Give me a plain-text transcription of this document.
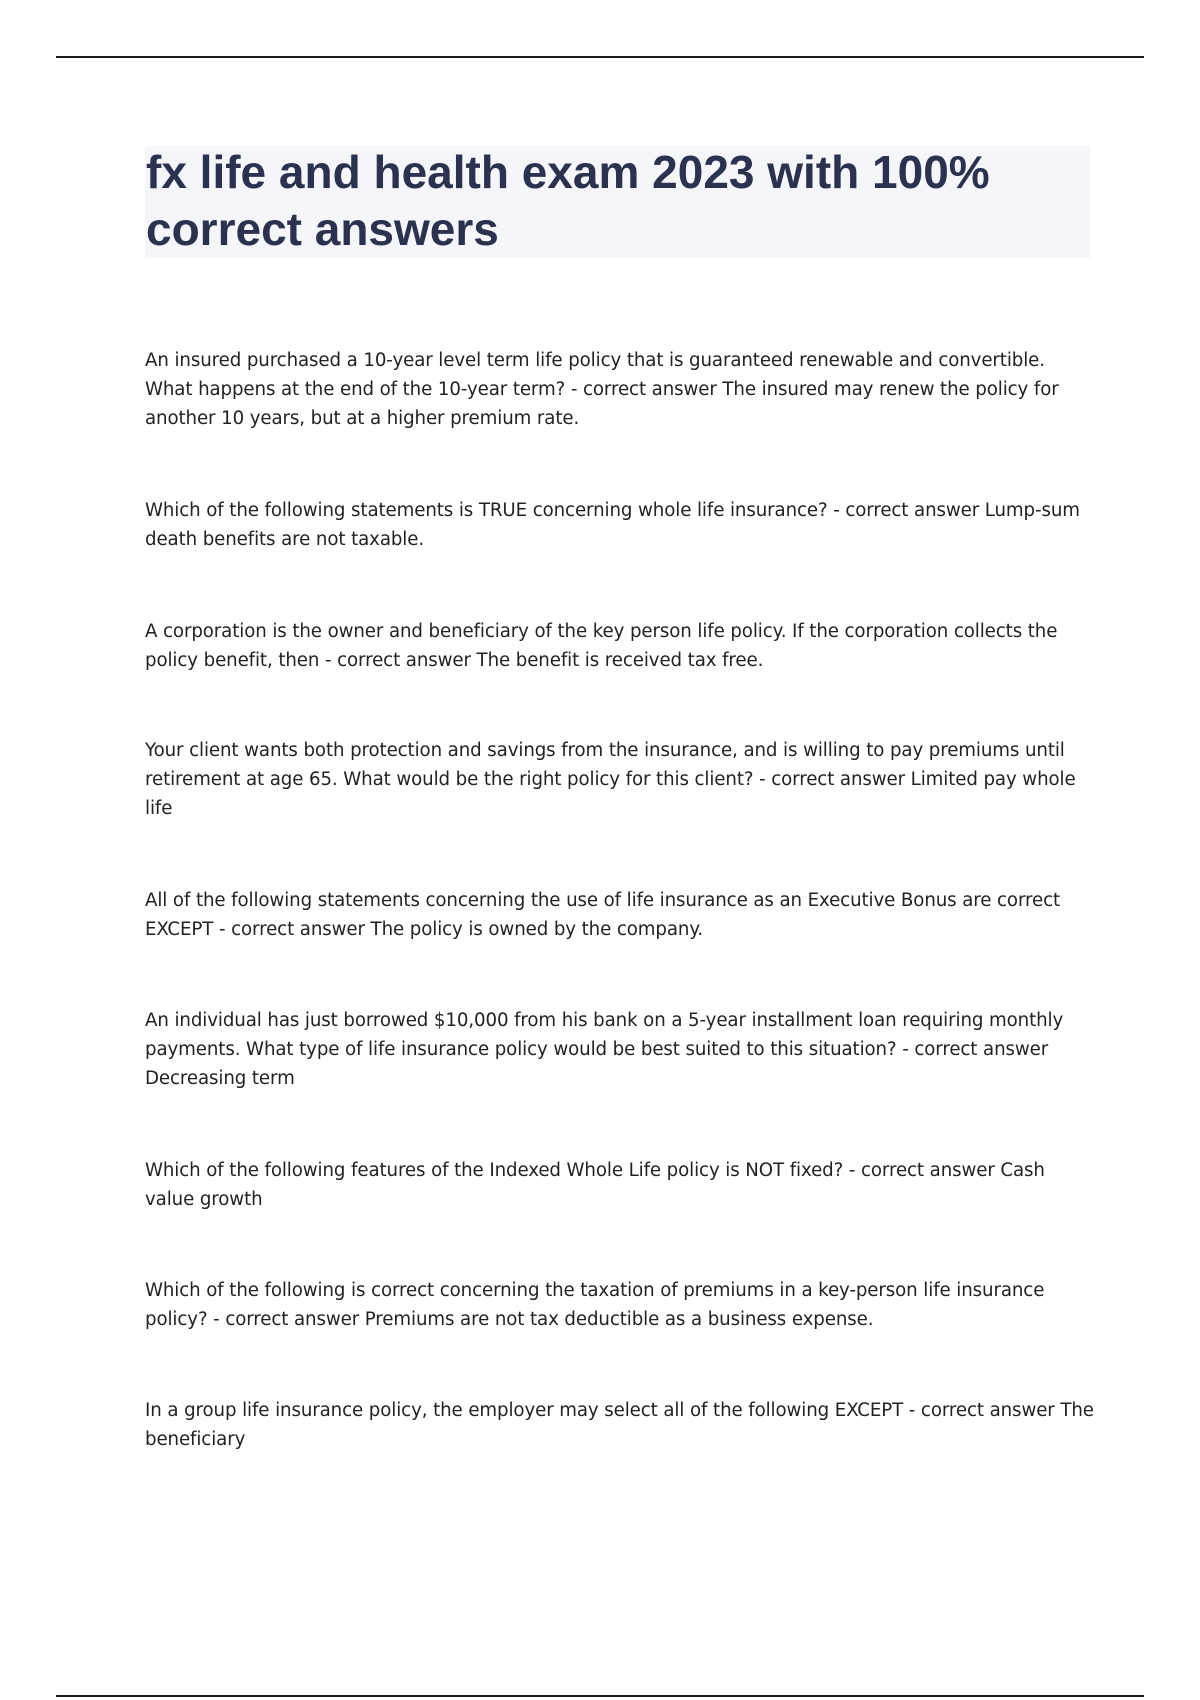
fx life and health exam 2023 with 100% correct answers

An insured purchased a 10-year level term life policy that is guaranteed renewable and convertible. What happens at the end of the 10-year term? - correct answer The insured may renew the policy for another 10 years, but at a higher premium rate.

Which of the following statements is TRUE concerning whole life insurance? - correct answer Lump-sum death benefits are not taxable.

A corporation is the owner and beneficiary of the key person life policy. If the corporation collects the policy benefit, then - correct answer The benefit is received tax free.

Your client wants both protection and savings from the insurance, and is willing to pay premiums until retirement at age 65. What would be the right policy for this client? - correct answer Limited pay whole life

All of the following statements concerning the use of life insurance as an Executive Bonus are correct EXCEPT - correct answer The policy is owned by the company.

An individual has just borrowed $10,000 from his bank on a 5-year installment loan requiring monthly payments. What type of life insurance policy would be best suited to this situation? - correct answer Decreasing term

Which of the following features of the Indexed Whole Life policy is NOT fixed? - correct answer Cash value growth

Which of the following is correct concerning the taxation of premiums in a key-person life insurance policy? - correct answer Premiums are not tax deductible as a business expense.

In a group life insurance policy, the employer may select all of the following EXCEPT - correct answer The beneficiary
